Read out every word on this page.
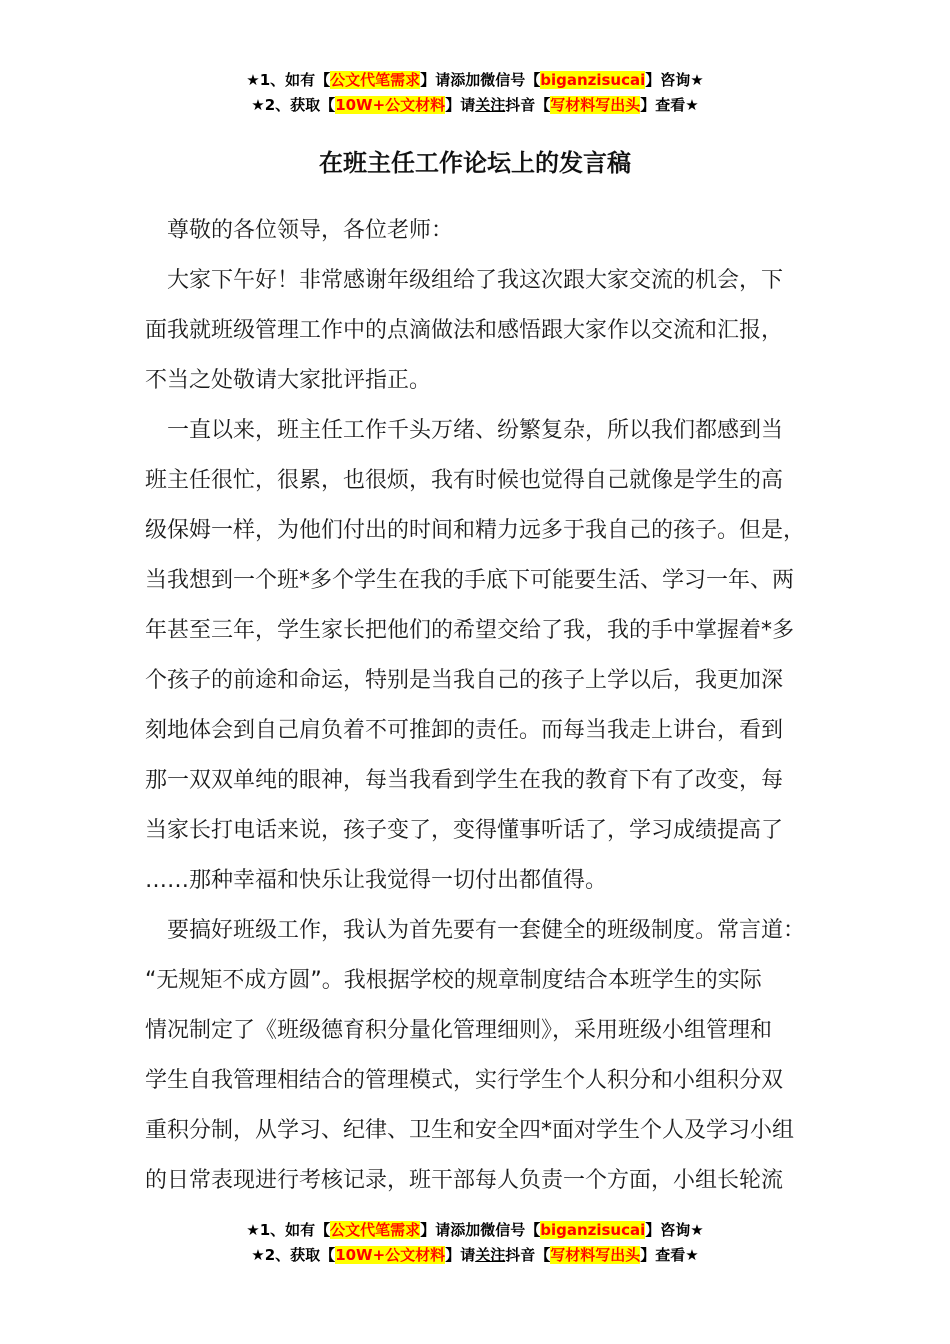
★1、如有【公文代笔需求】请添加微信号【biganzisucai】咨询★
★2、获取【10W+公文材料】请关注抖音【写材料写出头】查看★
在班主任工作论坛上的发言稿
　尊敬的各位领导，各位老师：
　大家下午好！非常感谢年级组给了我这次跟大家交流的机会，下
面我就班级管理工作中的点滴做法和感悟跟大家作以交流和汇报，
不当之处敬请大家批评指正。
　一直以来，班主任工作千头万绪、纷繁复杂，所以我们都感到当
班主任很忙，很累，也很烦，我有时候也觉得自己就像是学生的高
级保姆一样，为他们付出的时间和精力远多于我自己的孩子。但是，
当我想到一个班*多个学生在我的手底下可能要生活、学习一年、两
年甚至三年，学生家长把他们的希望交给了我，我的手中掌握着*多
个孩子的前途和命运，特别是当我自己的孩子上学以后，我更加深
刻地体会到自己肩负着不可推卸的责任。而每当我走上讲台，看到
那一双双单纯的眼神，每当我看到学生在我的教育下有了改变，每
当家长打电话来说，孩子变了，变得懂事听话了，学习成绩提高了
……那种幸福和快乐让我觉得一切付出都值得。
　要搞好班级工作，我认为首先要有一套健全的班级制度。常言道：
“无规矩不成方圆”。我根据学校的规章制度结合本班学生的实际
情况制定了《班级德育积分量化管理细则》，采用班级小组管理和
学生自我管理相结合的管理模式，实行学生个人积分和小组积分双
重积分制，从学习、纪律、卫生和安全四*面对学生个人及学习小组
的日常表现进行考核记录，班干部每人负责一个方面，小组长轮流
★1、如有【公文代笔需求】请添加微信号【biganzisucai】咨询★
★2、获取【10W+公文材料】请关注抖音【写材料写出头】查看★
